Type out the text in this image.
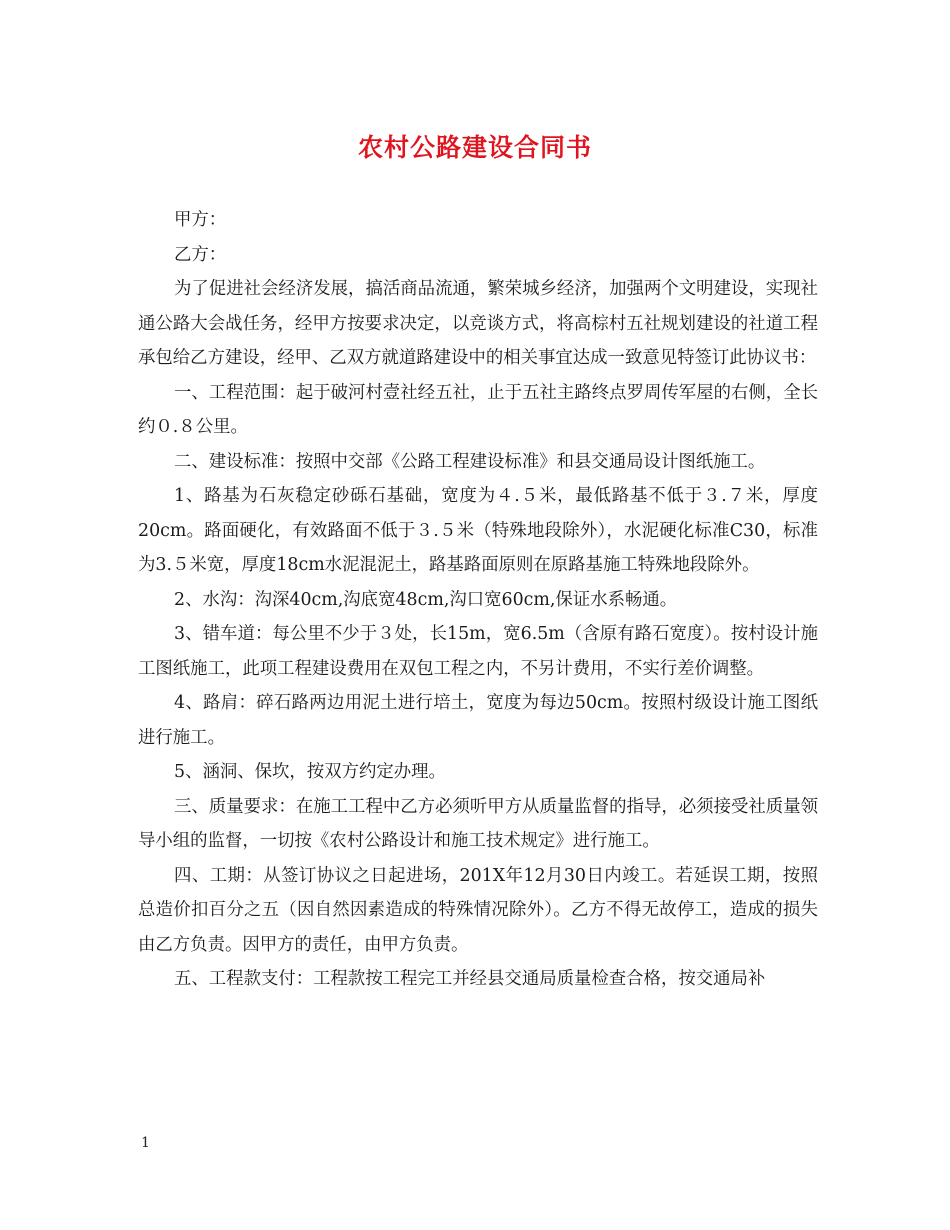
农村公路建设合同书

甲方：

乙方：

为了促进社会经济发展，搞活商品流通，繁荣城乡经济，加强两个文明建设，实现社通公路大会战任务，经甲方按要求决定，以竞谈方式，将高棕村五社规划建设的社道工程承包给乙方建设，经甲、乙双方就道路建设中的相关事宜达成一致意见特签订此协议书：

一、工程范围：起于破河村壹社经五社，止于五社主路终点罗周传军屋的右侧，全长约０.８公里。

二、建设标准：按照中交部《公路工程建设标准》和县交通局设计图纸施工。

1、路基为石灰稳定砂砾石基础，宽度为４.５米，最低路基不低于３.７米，厚度20cm。路面硬化，有效路面不低于３.５米（特殊地段除外），水泥硬化标准C30，标准为3.５米宽，厚度18cm水泥混泥土，路基路面原则在原路基施工特殊地段除外。

2、水沟：沟深40cm,沟底宽48cm,沟口宽60cm,保证水系畅通。

3、错车道：每公里不少于３处，长15m，宽6.5m（含原有路石宽度）。按村设计施工图纸施工，此项工程建设费用在双包工程之内，不另计费用，不实行差价调整。

4、路肩：碎石路两边用泥土进行培土，宽度为每边50cm。按照村级设计施工图纸进行施工。

5、涵洞、保坎，按双方约定办理。

三、质量要求：在施工工程中乙方必须听甲方从质量监督的指导，必须接受社质量领导小组的监督，一切按《农村公路设计和施工技术规定》进行施工。

四、工期：从签订协议之日起进场，201X年12月30日内竣工。若延误工期，按照总造价扣百分之五（因自然因素造成的特殊情况除外）。乙方不得无故停工，造成的损失由乙方负责。因甲方的责任，由甲方负责。

五、工程款支付：工程款按工程完工并经县交通局质量检查合格，按交通局补

1
